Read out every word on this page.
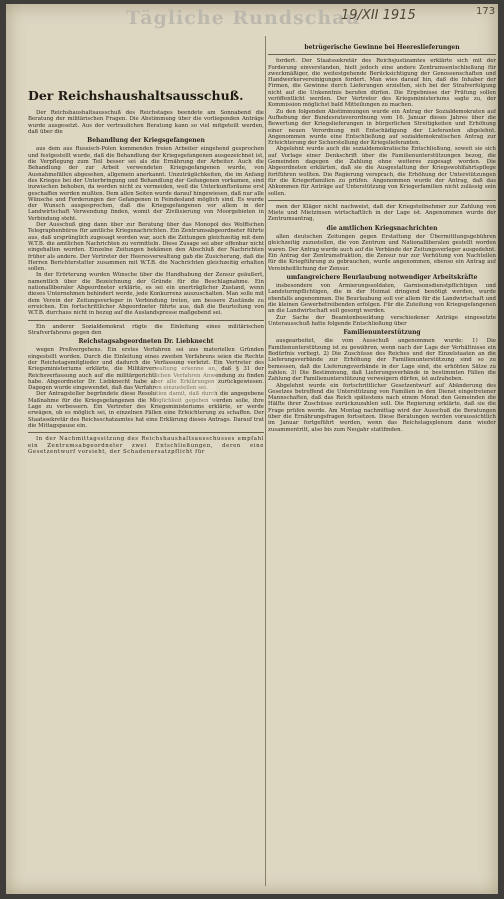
Tägliche Rundschau
19/XII 1915	173
Der Reichshaushaltsausschuß.

Der Reichshaushaltsausschuß des Reichstages beendete am Sonnabend die Beratung der militärischen Fragen. Die Abstimmung über die vorliegenden Anträge wurde ausgesetzt. Aus der vertraulichen Beratung kann so viel mitgeteilt werden, daß über die

Behandlung der Kriegsgefangenen

aus dem aus Russisch-Polen kommenden freien Arbeiter eingehend gesprochen und festgestellt wurde, daß die Behandlung der Kriegsgefangenen ausgezeichnet ist, die Verpflegung zum Teil besser sei als die Ernährung der Arbeiter. Auch die Behandlung der zur Arbeit verwendeten Kriegsgefangenen wurde, von Ausnahmefällen abgesehen, allgemein anerkannt. Unzuträglichkeiten, die im Anfang des Krieges bei der Unterbringung und Behandlung der Gefangenen vorkamen, sind inzwischen behoben, da worden nicht zu vermeiden, weil die Unterkunftsräume erst geschaffen werden mußten. Dem allen Seiten wurde darauf hingewiesen, daß nur alle Wünsche und Forderungen der Gefangenen in Feindesland möglich sind. Es wurde der Wunsch ausgesprochen, daß die Kriegsgefangenen vor allem in der Landwirtschaft Verwendung finden, womit der Zivilisierung von Moorgebieten in Verbindung steht.

Der Ausschuß ging dann über zur Beratung über das Monopol des Wolffschen Telegraphenbüros für amtliche Kriegsnachrichten. Ein Zentrumsabgeordneter führte aus, daß ursprünglich zugesagt worden war, auch die Zeitungen gleichzeitig mit dem W.T.B. die amtlichen Nachrichten zu vermitteln. Diese Zusage sei aber offenbar nicht eingehalten worden. Einzelne Zeitungen bekämen den Abschluß der Nachrichten früher als andere. Der Vertreter der Heeresverwaltung gab die Zusicherung, daß die Herren Berichterstatter zusammen mit W.T.B. die Nachrichten gleichzeitig erhalten sollen.

In der Erörterung wurden Wünsche über die Handhabung der Zensur geäußert, namentlich über die Bezeichnung der Gründe für die Beschlagnahme. Ein nationalliberaler Abgeordneter erklärte, es sei ein unerträglicher Zustand, wenn dieses Unternehmen behindert werde, jede Konkurrenz auszuschalten. Man solle mit dem Verein der Zeitungsverleger in Verbindung treten, um bessere Zustände zu erreichen. Ein fortschrittlicher Abgeordneter führte aus, daß die Beurteilung von W.T.B. durchaus nicht in bezug auf die Auslandspresse maßgebend sei.

Ein anderer Sozialdemokrat rügte die Einleitung eines militärischen Strafverfahrens gegen den

Reichstagsabgeordneten Dr. Liebknecht

wegen Preßvergehens. Ein erstes Verfahren sei aus materiellen Gründen eingestellt worden. Durch die Einleitung eines zweiten Verfahrens seien die Rechte der Reichstagsmitglieder und dadurch die Verfassung verletzt. Ein Vertreter des Kriegsministeriums erklärte, die Militärverwaltung erkenne an, daß § 31 der Reichsverfassung auch auf die militärgerichtlichen Verfahren Anwendung zu finden habe. Abgeordneter Dr. Liebknecht habe aber alle Erklärungen zurückgewiesen. Dagegen wurde eingewendet, daß das Verfahren einzustellen sei.

Der Antragsteller begründete diese Resolution damit, daß durch die angegebene Maßnahme für die Kriegsgefangenen die Möglichkeit gegeben werden solle, ihre Lage zu verbessern. Ein Vertreter des Kriegsministeriums erklärte, er werde erwägen, ob es möglich sei, in einzelnen Fällen eine Erleichterung zu schaffen. Der Staatssekretär des Reichsschatzamtes hat eine Erklärung dieses Antrags. Darauf trat die Mittagspause ein.

In der Nachmittagssitzung des Reichshaushaltsausschusses empfahl ein Zentrumsabgeordneter zwei Entschließungen, deren eine Gesetzentwurf vorsieht, der Schadenersatzpflicht für

betrügerische Gewinne bei Heereslieferungen

fordert. Der Staatssekretär des Reichsjustizamtes erklärte sich mit der Forderung einverstanden, hielt jedoch eine andere Zentrumsentschließung für zweckmäßiger, die weitestgehende Berücksichtigung der Genossenschaften und Handwerkervereinigungen fordert. Man wies darauf hin, daß die Inhaber der Firmen, die Gewinne durch Lieferungen erzielten, sich bei der Strafverfolgung nicht auf die Unkenntnis berufen dürfen. Die Ergebnisse der Prüfung sollen veröffentlicht werden. Der Vertreter des Kriegsministeriums sagte zu, der Kommission möglichst bald Mitteilungen zu machen.

Zu den folgenden Abstimmungen wurde ein Antrag der Sozialdemokraten auf Aufhebung der Bundesratsverordnung vom 16. Januar dieses Jahres über die Bewertung der Kriegslieferungen in bürgerlichen Streitigkeiten und Erhöhung einer neuen Verordnung mit Entschädigung der Lieferanten abgelehnt. Angenommen wurde eine Entschließung auf sozialdemokratischen Antrag zur Erleichterung der Sicherstellung der Kriegslieferanten.

Abgelehnt wurde auch die sozialdemokratische Entschließung, soweit sie sich auf Vorlage einer Denkschrift über die Familienunterstützungen bezog, die Gemeinden dagegen die Zahlung ohne weiteres zugesagt worden. Die Abgeordneten erklärten, daß sie die Ausgestaltung der Kriegswohlfahrtspflege fortführen wollten. Die Regierung versprach, die Erhöhung der Unterstützungen für die Kriegerfamilien zu prüfen. Angenommen wurde der Antrag, daß das Abkommen für Anträge auf Unterstützung von Kriegerfamilien nicht zulässig sein sollen.

men der Kläger nicht nachweist, daß der Kriegsteilnehmer zur Zahlung von Miete und Mietzinsen wirtschaftlich in der Lage ist. Angenommen wurde der Zentrumsantrag,

die amtlichen Kriegsnachrichten

allen deutschen Zeitungen gegen Erstattung der Übermittlungsgebühren gleichzeitig zuzustellen, die von Zentrum und Nationalliberalen gestellt worden waren. Der Antrag wurde auch auf die Verbände der Zeitungsverleger ausgedehnt. Ein Antrag der Zentrumsfraktion, die Zensur nur zur Verhütung von Nachteilen für die Kriegführung zu gebrauchen, wurde angenommen, ebenso ein Antrag auf Vereinheitlichung der Zensur.

umfangreichere Beurlaubung notwendiger Arbeitskräfte

insbesondere von Armierungssoldaten, Garnisonsdienstpflichtigen und Landsturmpflichtigen, die in der Heimat dringend benötigt werden, wurde ebenfalls angenommen. Die Beurlaubung soll vor allem für die Landwirtschaft und die kleinen Gewerbetreibenden erfolgen. Für die Zuteilung von Kriegsgefangenen an die Landwirtschaft soll gesorgt werden.

Zur Sache der Beamtenbesoldung verschiedener Anträge eingesetzte Unterausschuß hatte folgende Entschließung über

Familienunterstützung

ausgearbeitet, die vom Ausschuß angenommen wurde: 1) Die Familienunterstützung ist zu gewähren, wenn nach der Lage der Verhältnisse ein Bedürfnis vorliegt. 2) Die Zuschüsse des Reiches und der Einzelstaaten an die Lieferungsverbände zur Erhöhung der Familienunterstützung sind so zu bemessen, daß die Lieferungsverbände in der Lage sind, die erhöhten Sätze zu zahlen. 3) Die Bestimmung, daß Lieferungsverbände in bestimmten Fällen die Zahlung der Familienunterstützung verweigern dürfen, ist aufzuheben.

Abgelehnt wurde ein fortschrittlicher Gesetzentwurf auf Abänderung des Gesetzes betreffend die Unterstützung von Familien in den Dienst eingetretener Mannschaften, daß das Reich spätestens nach einem Monat den Gemeinden die Hälfte ihrer Zuschüsse zurückzuzahlen soll. Die Regierung erklärte, daß sie die Frage prüfen werde. Am Montag nachmittag wird der Ausschuß die Beratungen über die Ernährungsfragen fortsetzen. Diese Beratungen werden voraussichtlich im Januar fortgeführt werden, wenn das Reichstagsplenum dann wieder zusammentritt, also bis zum Neujahr stattfinden.
